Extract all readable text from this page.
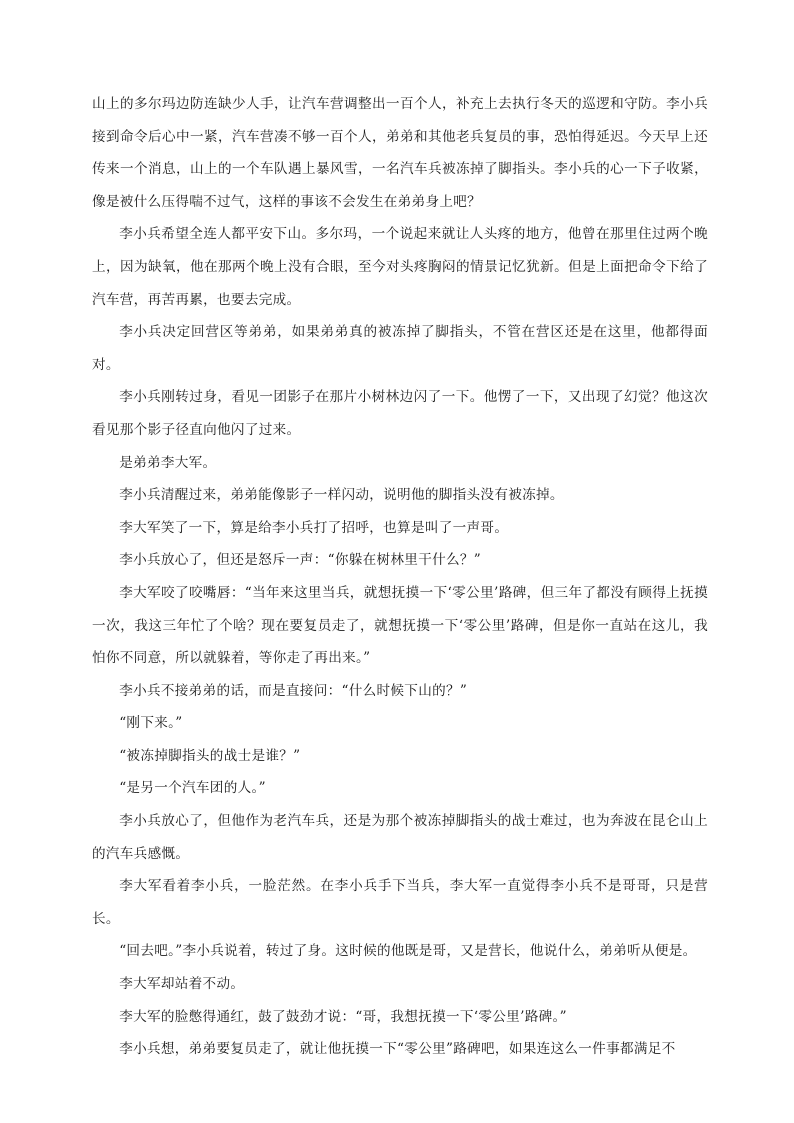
山上的多尔玛边防连缺少人手，让汽车营调整出一百个人，补充上去执行冬天的巡逻和守防。李小兵接到命令后心中一紧，汽车营凑不够一百个人，弟弟和其他老兵复员的事，恐怕得延迟。今天早上还传来一个消息，山上的一个车队遇上暴风雪，一名汽车兵被冻掉了脚指头。李小兵的心一下子收紧，像是被什么压得喘不过气，这样的事该不会发生在弟弟身上吧？

李小兵希望全连人都平安下山。多尔玛，一个说起来就让人头疼的地方，他曾在那里住过两个晚上，因为缺氧，他在那两个晚上没有合眼，至今对头疼胸闷的情景记忆犹新。但是上面把命令下给了汽车营，再苦再累，也要去完成。

李小兵决定回营区等弟弟，如果弟弟真的被冻掉了脚指头，不管在营区还是在这里，他都得面对。

李小兵刚转过身，看见一团影子在那片小树林边闪了一下。他愣了一下，又出现了幻觉？他这次看见那个影子径直向他闪了过来。

是弟弟李大军。

李小兵清醒过来，弟弟能像影子一样闪动，说明他的脚指头没有被冻掉。

李大军笑了一下，算是给李小兵打了招呼，也算是叫了一声哥。

李小兵放心了，但还是怒斥一声：“你躲在树林里干什么？”

李大军咬了咬嘴唇：“当年来这里当兵，就想抚摸一下‘零公里’路碑，但三年了都没有顾得上抚摸一次，我这三年忙了个啥？现在要复员走了，就想抚摸一下‘零公里’路碑，但是你一直站在这儿，我怕你不同意，所以就躲着，等你走了再出来。”

李小兵不接弟弟的话，而是直接问：“什么时候下山的？”

“刚下来。”

“被冻掉脚指头的战士是谁？”

“是另一个汽车团的人。”

李小兵放心了，但他作为老汽车兵，还是为那个被冻掉脚指头的战士难过，也为奔波在昆仑山上的汽车兵感慨。

李大军看着李小兵，一脸茫然。在李小兵手下当兵，李大军一直觉得李小兵不是哥哥，只是营长。

“回去吧。”李小兵说着，转过了身。这时候的他既是哥，又是营长，他说什么，弟弟听从便是。

李大军却站着不动。

李大军的脸憋得通红，鼓了鼓劲才说：“哥，我想抚摸一下‘零公里’路碑。”

李小兵想，弟弟要复员走了，就让他抚摸一下“零公里”路碑吧，如果连这么一件事都满足不
